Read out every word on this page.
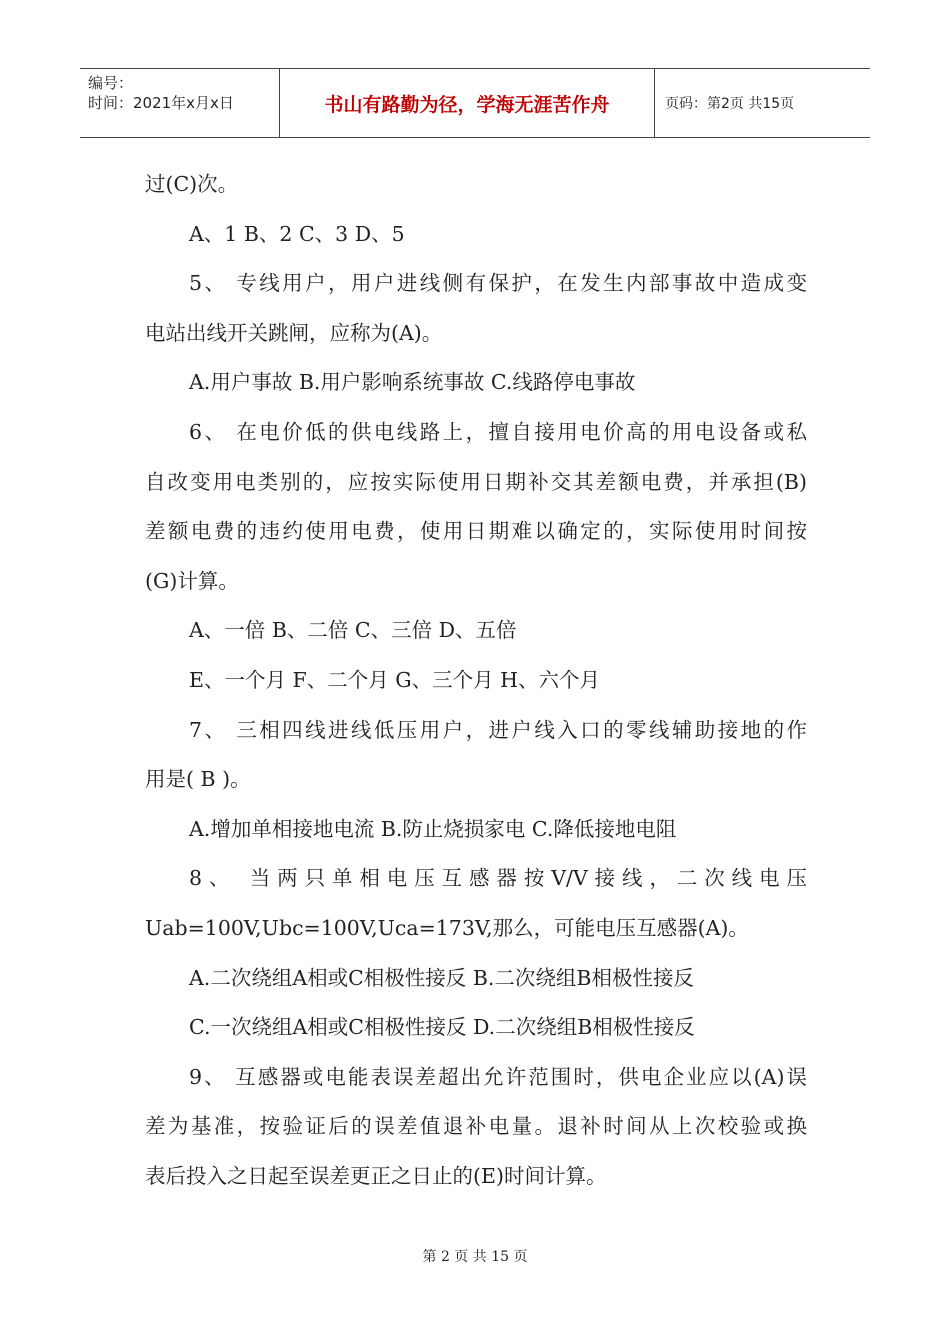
编号：
时间：2021年x月x日	书山有路勤为径，学海无涯苦作舟	页码：第2页 共15页
过(C)次。
A、1 B、2 C、3 D、5
5、 专线用户，用户进线侧有保护，在发生内部事故中造成变
电站出线开关跳闸，应称为(A)。
A.用户事故 B.用户影响系统事故 C.线路停电事故
6、 在电价低的供电线路上，擅自接用电价高的用电设备或私
自改变用电类别的，应按实际使用日期补交其差额电费，并承担(B)
差额电费的违约使用电费，使用日期难以确定的，实际使用时间按
(G)计算。
A、一倍 B、二倍 C、三倍 D、五倍
E、一个月 F、二个月 G、三个月 H、六个月
7、 三相四线进线低压用户，进户线入口的零线辅助接地的作
用是( B )。
A.增加单相接地电流 B.防止烧损家电 C.降低接地电阻
8、 当两只单相电压互感器按V/V接线，二次线电压
Uab=100V,Ubc=100V,Uca=173V,那么，可能电压互感器(A)。
A.二次绕组A相或C相极性接反 B.二次绕组B相极性接反
C.一次绕组A相或C相极性接反 D.二次绕组B相极性接反
9、 互感器或电能表误差超出允许范围时，供电企业应以(A)误
差为基准，按验证后的误差值退补电量。退补时间从上次校验或换
表后投入之日起至误差更正之日止的(E)时间计算。
第 2 页 共 15 页
